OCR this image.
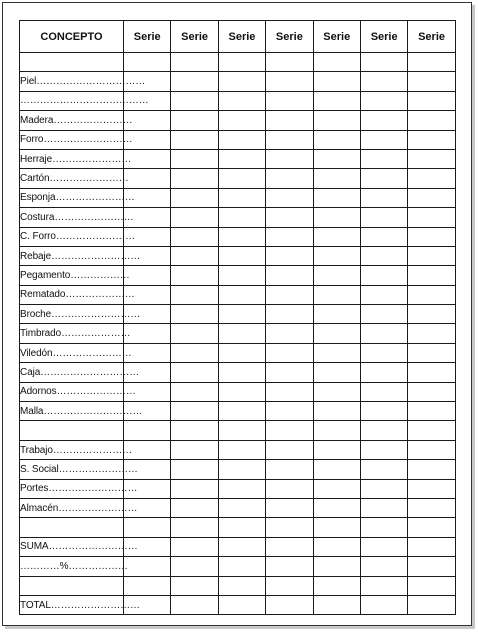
CONCEPTO	Serie	Serie	Serie	Serie	Serie	Serie	Serie

Piel……………………………							
…………………………………							
Madera……………………							
Forro………………………							
Herraje……………………							
Cartón……………………							
Esponja……………………							
Costura……………………							
C. Forro……………………							
Rebaje………………………							
Pegamento………………							
Rematado…………………							
Broche………………………							
Timbrado…………………							
Viledón……………………							
Caja…………………………							
Adornos……………………							
Malla…………………………							

Trabajo……………………							
S. Social……………………							
Portes………………………							
Almacén……………………							

SUMA………………………							
…………%………………							

TOTAL………………………							
